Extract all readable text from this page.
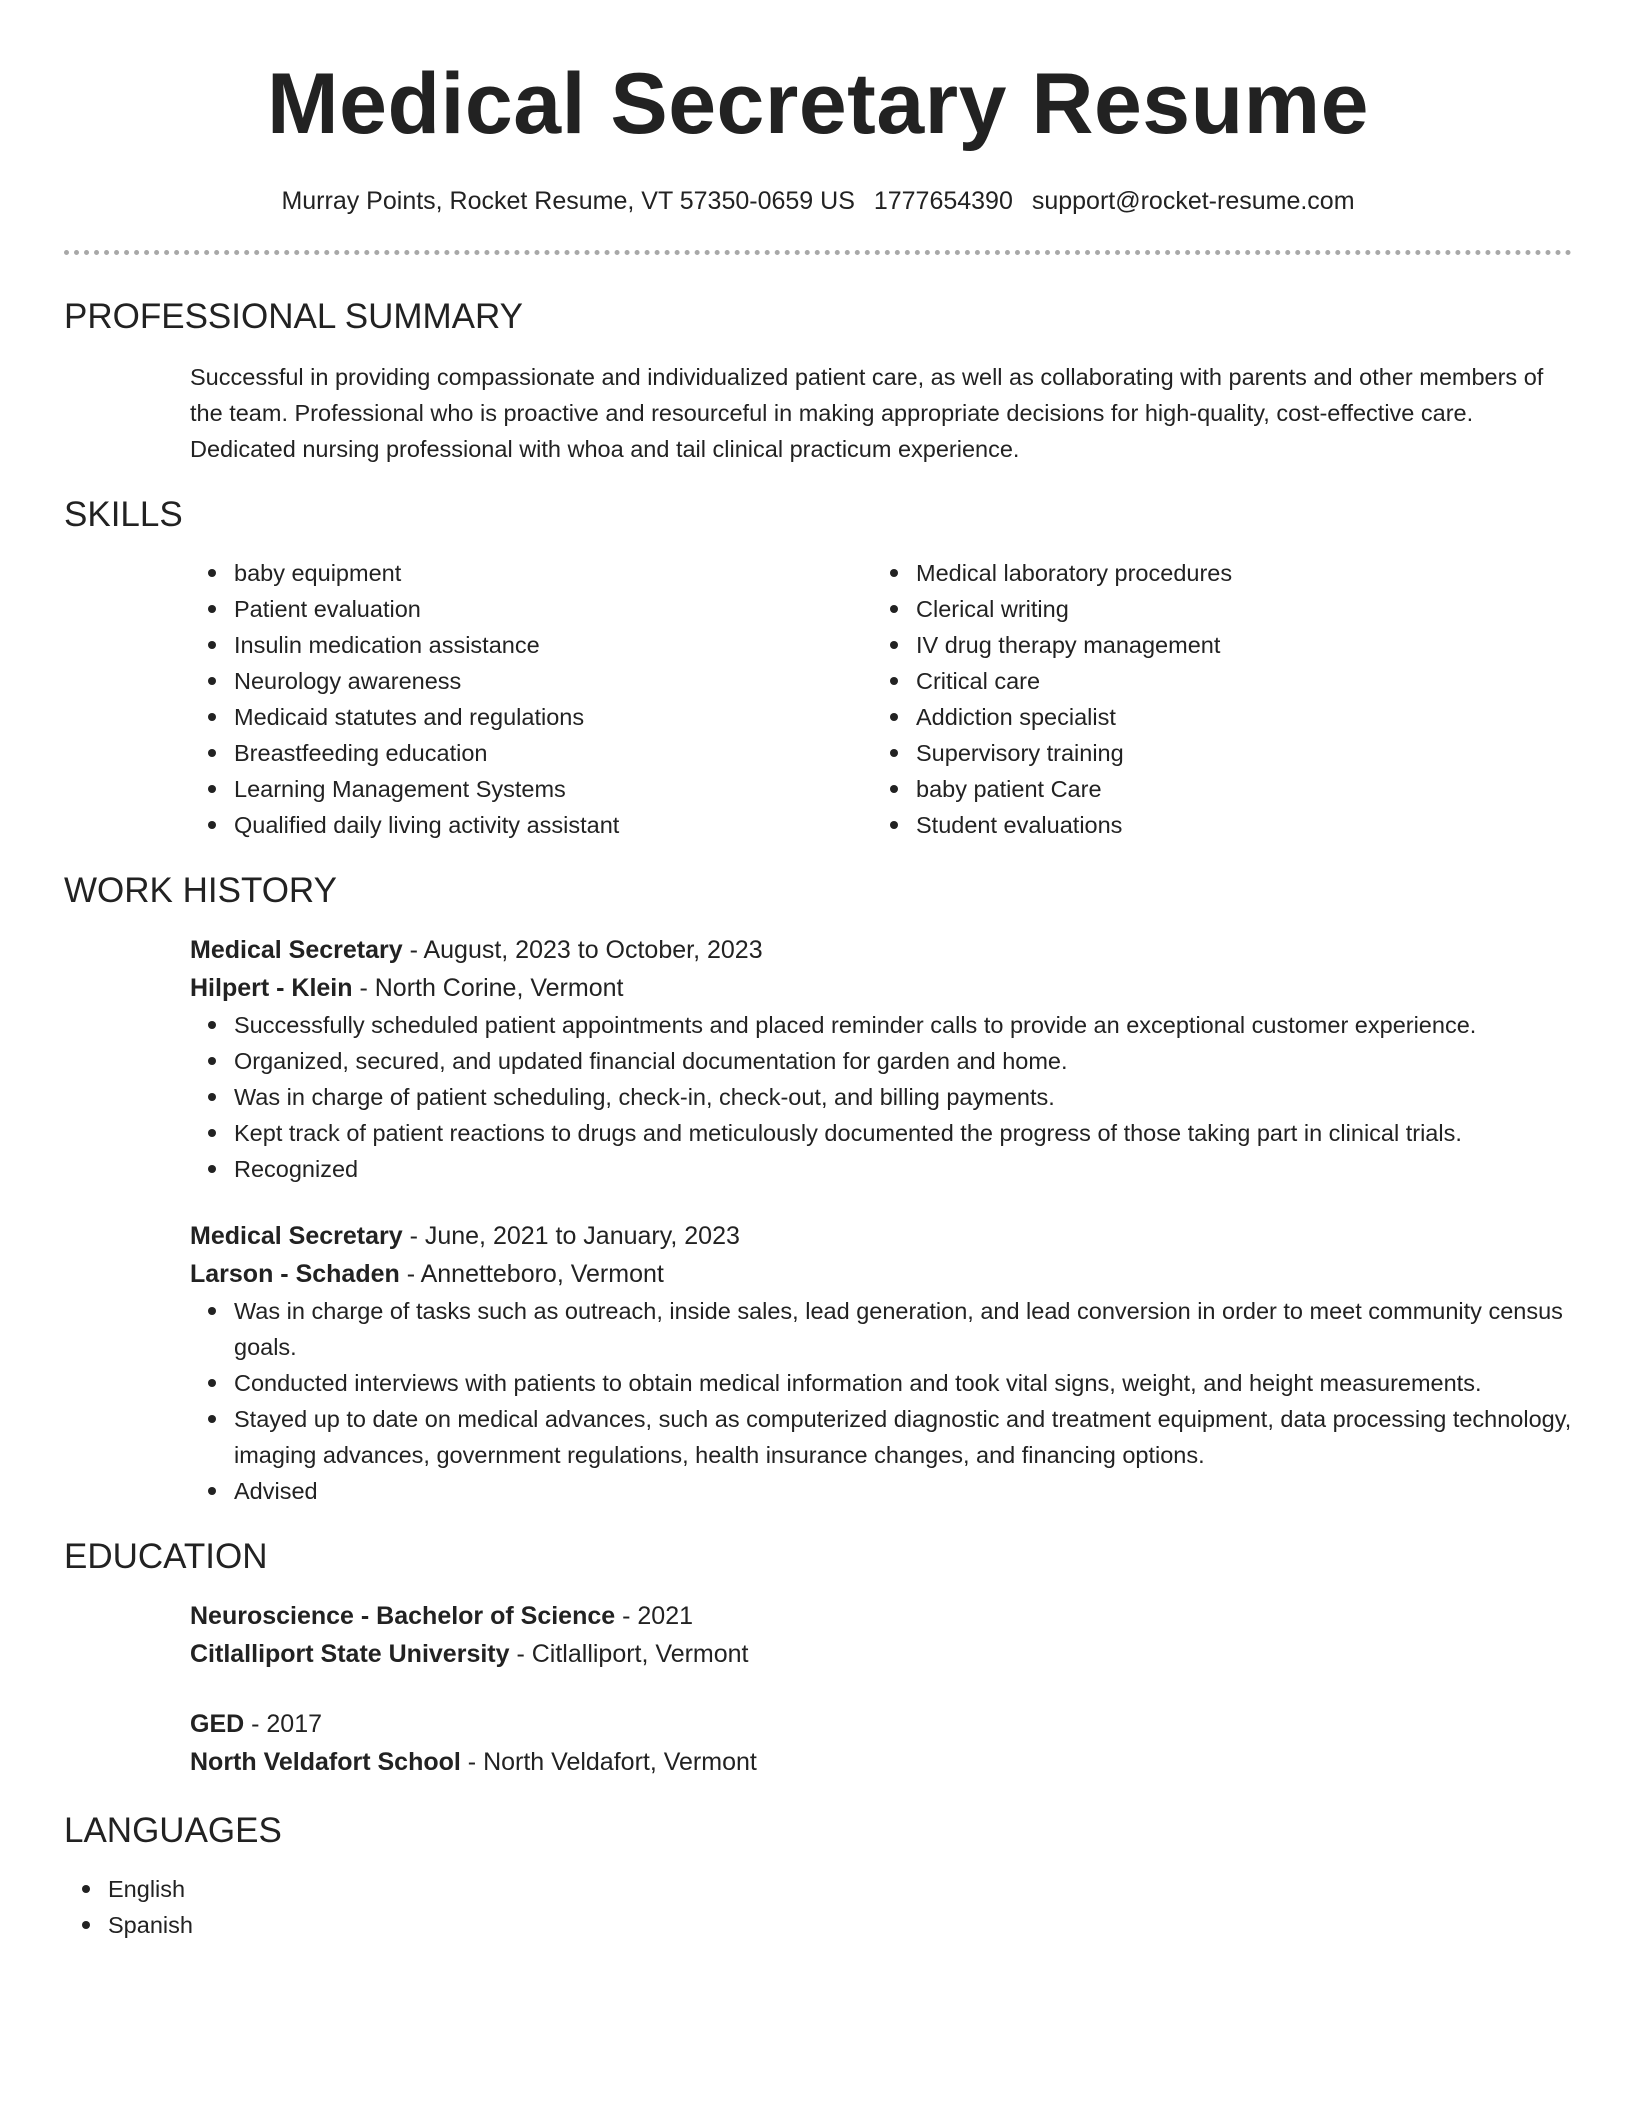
Medical Secretary Resume
Murray Points, Rocket Resume, VT 57350-0659 US 1777654390 support@rocket-resume.com
PROFESSIONAL SUMMARY
Successful in providing compassionate and individualized patient care, as well as collaborating with parents and other members of the team. Professional who is proactive and resourceful in making appropriate decisions for high-quality, cost-effective care. Dedicated nursing professional with whoa and tail clinical practicum experience.
SKILLS
baby equipment
Patient evaluation
Insulin medication assistance
Neurology awareness
Medicaid statutes and regulations
Breastfeeding education
Learning Management Systems
Qualified daily living activity assistant
Medical laboratory procedures
Clerical writing
IV drug therapy management
Critical care
Addiction specialist
Supervisory training
baby patient Care
Student evaluations
WORK HISTORY
Medical Secretary - August, 2023 to October, 2023
Hilpert - Klein - North Corine, Vermont
Successfully scheduled patient appointments and placed reminder calls to provide an exceptional customer experience.
Organized, secured, and updated financial documentation for garden and home.
Was in charge of patient scheduling, check-in, check-out, and billing payments.
Kept track of patient reactions to drugs and meticulously documented the progress of those taking part in clinical trials.
Recognized
Medical Secretary - June, 2021 to January, 2023
Larson - Schaden - Annetteboro, Vermont
Was in charge of tasks such as outreach, inside sales, lead generation, and lead conversion in order to meet community census goals.
Conducted interviews with patients to obtain medical information and took vital signs, weight, and height measurements.
Stayed up to date on medical advances, such as computerized diagnostic and treatment equipment, data processing technology, imaging advances, government regulations, health insurance changes, and financing options.
Advised
EDUCATION
Neuroscience - Bachelor of Science - 2021
Citlalliport State University - Citlalliport, Vermont
GED - 2017
North Veldafort School - North Veldafort, Vermont
LANGUAGES
English
Spanish
